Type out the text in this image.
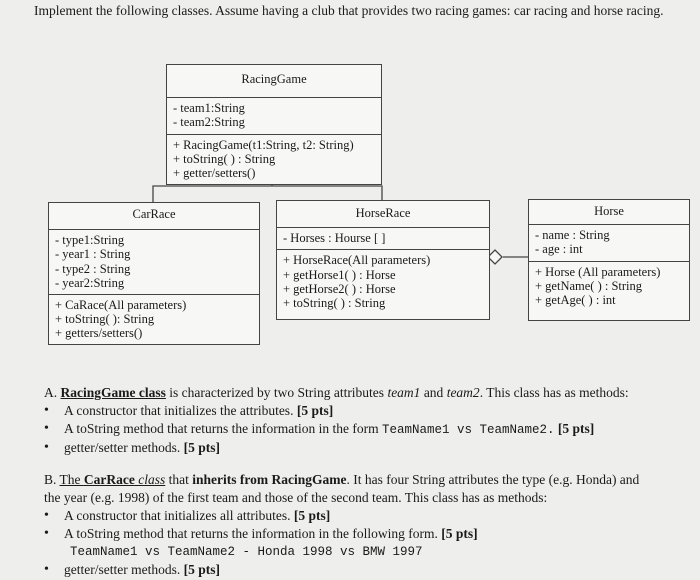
Implement the following classes. Assume having a club that provides two racing games: car racing and horse racing.
RacingGame
- team1:String
- team2:String
+ RacingGame(t1:String, t2: String)
+ toString( ) : String
+ getter/setters()
CarRace
- type1:String
- year1 : String
- type2 : String
- year2:String
+ CaRace(All parameters)
+ toString( ): String
+ getters/setters()
HorseRace
- Horses : Hourse [ ]
+ HorseRace(All parameters)
+ getHorse1( ) : Horse
+ getHorse2( ) : Horse
+ toString( ) : String
Horse
- name : String
- age : int
+ Horse (All parameters)
+ getName( ) : String
+ getAge( ) : int
A. RacingGame class is characterized by two String attributes team1 and team2. This class has as methods:
• A constructor that initializes the attributes. [5 pts]
• A toString method that returns the information in the form TeamName1 vs TeamName2. [5 pts]
• getter/setter methods. [5 pts]
B. The CarRace class that inherits from RacingGame. It has four String attributes the type (e.g. Honda) and the year (e.g. 1998) of the first team and those of the second team. This class has as methods:
• A constructor that initializes all attributes. [5 pts]
• A toString method that returns the information in the following form. [5 pts]
TeamName1 vs TeamName2 - Honda 1998 vs BMW 1997
• getter/setter methods. [5 pts]
